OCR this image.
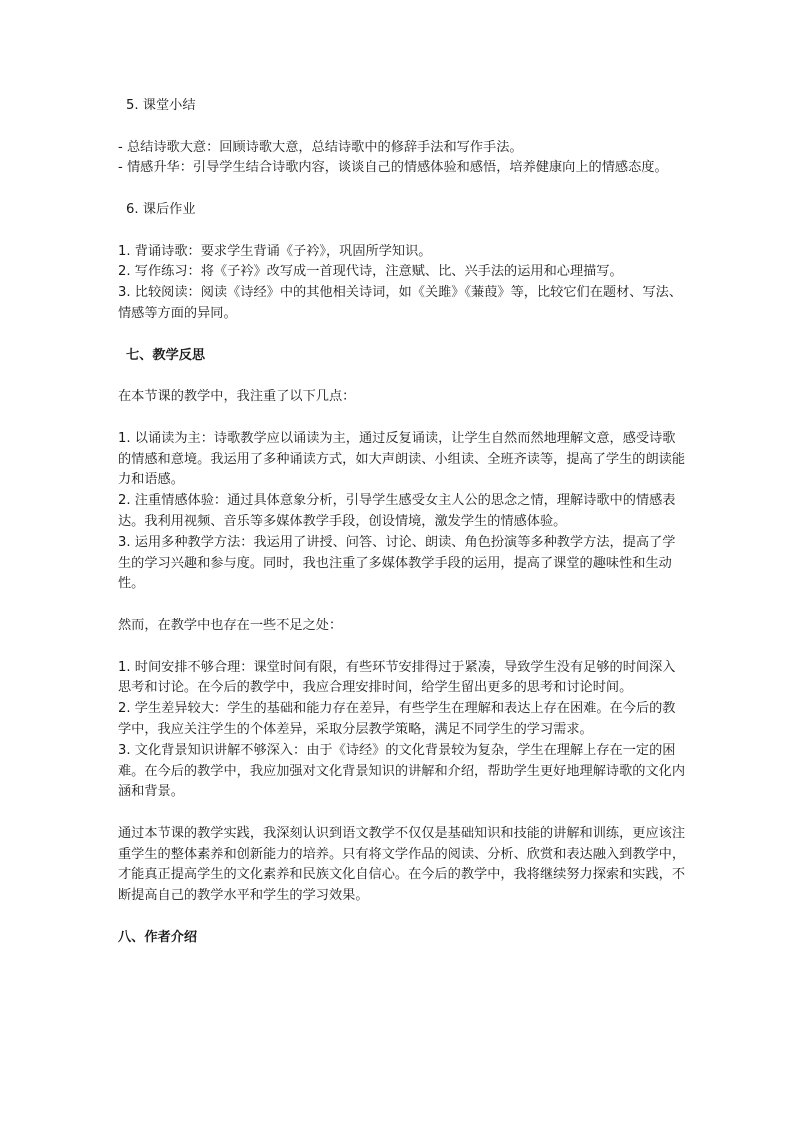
5. 课堂小结

- 总结诗歌大意：回顾诗歌大意，总结诗歌中的修辞手法和写作手法。

- 情感升华：引导学生结合诗歌内容，谈谈自己的情感体验和感悟，培养健康向上的情感态度。

6. 课后作业

1. 背诵诗歌：要求学生背诵《子衿》，巩固所学知识。

2. 写作练习：将《子衿》改写成一首现代诗，注意赋、比、兴手法的运用和心理描写。

3. 比较阅读：阅读《诗经》中的其他相关诗词，如《关雎》《蒹葭》等，比较它们在题材、写法、情感等方面的异同。

七、教学反思

在本节课的教学中，我注重了以下几点：

1. 以诵读为主：诗歌教学应以诵读为主，通过反复诵读，让学生自然而然地理解文意，感受诗歌的情感和意境。我运用了多种诵读方式，如大声朗读、小组读、全班齐读等，提高了学生的朗读能力和语感。

2. 注重情感体验：通过具体意象分析，引导学生感受女主人公的思念之情，理解诗歌中的情感表达。我利用视频、音乐等多媒体教学手段，创设情境，激发学生的情感体验。

3. 运用多种教学方法：我运用了讲授、问答、讨论、朗读、角色扮演等多种教学方法，提高了学生的学习兴趣和参与度。同时，我也注重了多媒体教学手段的运用，提高了课堂的趣味性和生动性。

然而，在教学中也存在一些不足之处：

1. 时间安排不够合理：课堂时间有限，有些环节安排得过于紧凑，导致学生没有足够的时间深入思考和讨论。在今后的教学中，我应合理安排时间，给学生留出更多的思考和讨论时间。

2. 学生差异较大：学生的基础和能力存在差异，有些学生在理解和表达上存在困难。在今后的教学中，我应关注学生的个体差异，采取分层教学策略，满足不同学生的学习需求。

3. 文化背景知识讲解不够深入：由于《诗经》的文化背景较为复杂，学生在理解上存在一定的困难。在今后的教学中，我应加强对文化背景知识的讲解和介绍，帮助学生更好地理解诗歌的文化内涵和背景。

通过本节课的教学实践，我深刻认识到语文教学不仅仅是基础知识和技能的讲解和训练，更应该注重学生的整体素养和创新能力的培养。只有将文学作品的阅读、分析、欣赏和表达融入到教学中，才能真正提高学生的文化素养和民族文化自信心。在今后的教学中，我将继续努力探索和实践，不断提高自己的教学水平和学生的学习效果。

八、作者介绍
